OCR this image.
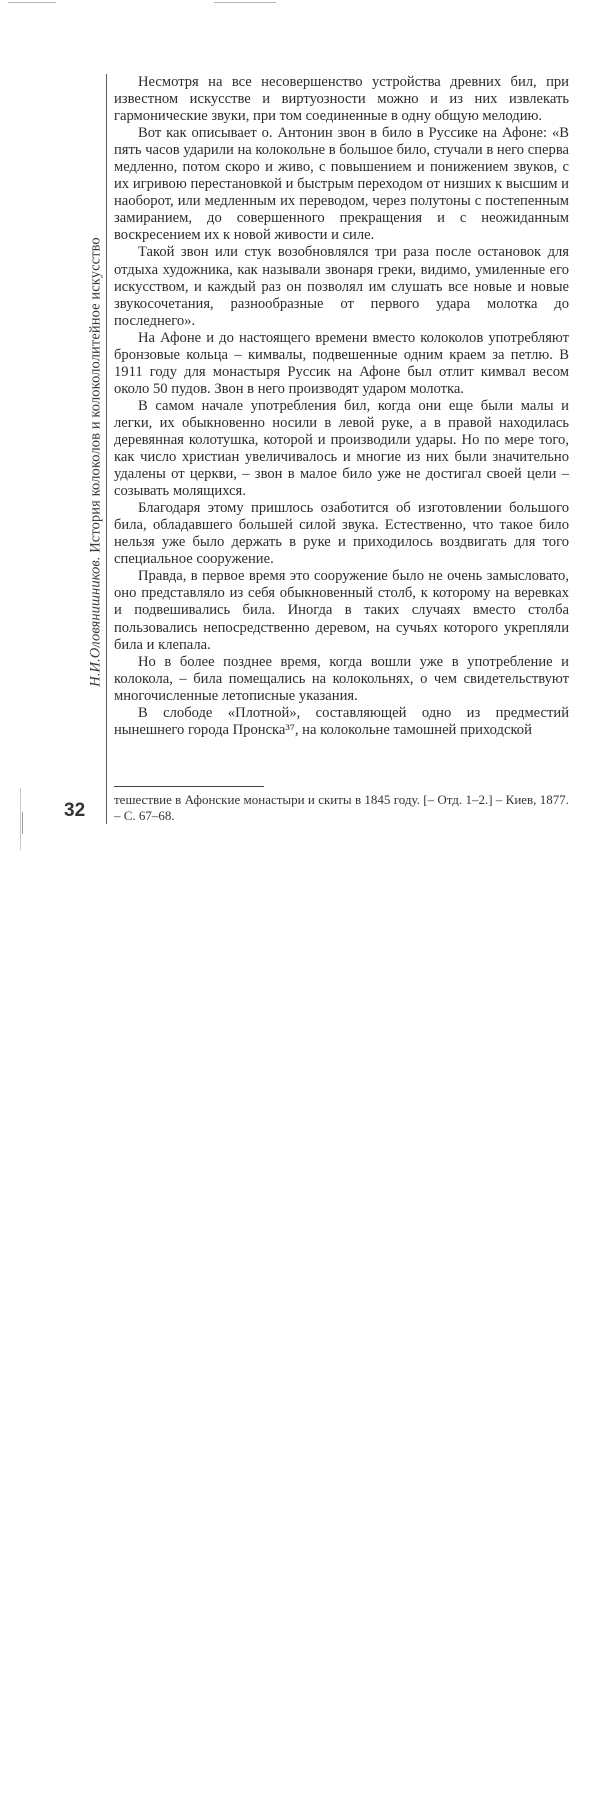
Н.И.Оловянишников. История колоколов и колокололитейное искусство
32

Несмотря на все несовершенство устройства древних бил, при известном искусстве и виртуозности можно и из них извлекать гармонические звуки, при том соединенные в одну общую мелодию.

Вот как описывает о. Антонин звон в било в Руссике на Афоне: «В пять часов ударили на колокольне в большое било, стучали в него сперва медленно, потом скоро и живо, с повышением и понижением звуков, с их игривою перестановкой и быстрым переходом от низших к высшим и наоборот, или медленным их переводом, через полутоны с постепенным замиранием, до совершенного прекращения и с неожиданным воскресением их к новой живости и силе.

Такой звон или стук возобновлялся три раза после остановок для отдыха художника, как называли звонаря греки, видимо, умиленные его искусством, и каждый раз он позволял им слушать все новые и новые звукосочетания, разнообразные от первого удара молотка до последнего».

На Афоне и до настоящего времени вместо колоколов употребляют бронзовые кольца – кимвалы, подвешенные одним краем за петлю. В 1911 году для монастыря Руссик на Афоне был отлит кимвал весом около 50 пудов. Звон в него производят ударом молотка.

В самом начале употребления бил, когда они еще были малы и легки, их обыкновенно носили в левой руке, а в правой находилась деревянная колотушка, которой и производили удары. Но по мере того, как число христиан увеличивалось и многие из них были значительно удалены от церкви, – звон в малое било уже не достигал своей цели – созывать молящихся.

Благодаря этому пришлось озаботится об изготовлении большого била, обладавшего большей силой звука. Естественно, что такое било нельзя уже было держать в руке и приходилось воздвигать для того специальное сооружение.

Правда, в первое время это сооружение было не очень замысловато, оно представляло из себя обыкновенный столб, к которому на веревках и подвешивались била. Иногда в таких случаях вместо столба пользовались непосредственно деревом, на сучьях которого укрепляли била и клепала.

Но в более позднее время, когда вошли уже в употребление и колокола, – била помещались на колокольнях, о чем свидетельствуют многочисленные летописные указания.

В слободе «Плотной», составляющей одно из предместий нынешнего города Пронска³⁷, на колокольне тамошней приходской

тешествие в Афонские монастыри и скиты в 1845 году. [– Отд. 1–2.] – Киев, 1877. – С. 67–68.
